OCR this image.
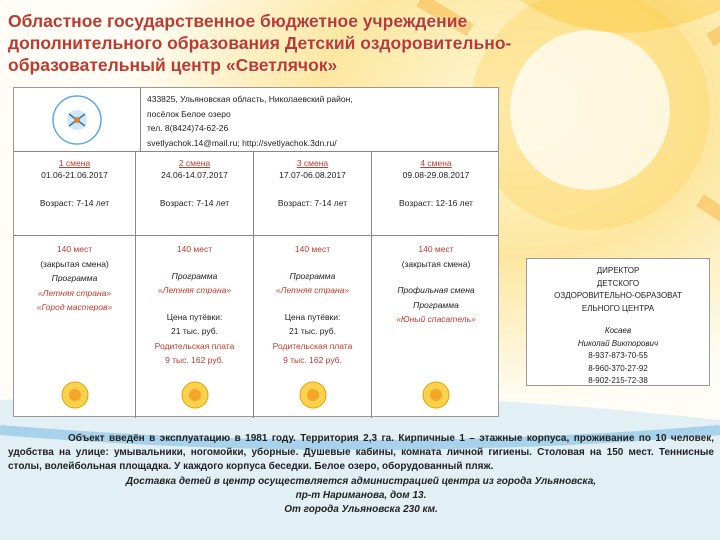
Областное государственное бюджетное учреждение дополнительного образования Детский оздоровительно-образовательный центр «Светлячок»
433825, Ульяновская область, Николаевский район,
посёлок Белое озеро
тел. 8(8424)74-62-26
svetlyachok.14@mail.ru; http://svetlyachok.3dn.ru/
1 смена
01.06-21.06.2017
Возраст: 7-14 лет
2 смена
24.06-14.07.2017
Возраст: 7-14 лет
3 смена
17.07-06.08.2017
Возраст: 7-14 лет
4 смена
09.08-29.08.2017
Возраст: 12-16 лет
140 мест
(закрытая смена)
Программа
«Летняя страна»
«Город мастеров»
140 мест
Программа
«Летняя страна»
Цена путёвки:
21 тыс. руб.
Родительская плата
9 тыс. 162 руб.
140 мест
Программа
«Летняя страна»
Цена путёвки:
21 тыс. руб.
Родительская плата
9 тыс. 162 руб.
140 мест
(закрытая смена)
Профильная смена
Программа
«Юный спасатель»
ДИРЕКТОР
ДЕТСКОГО
ОЗДОРОВИТЕЛЬНО-ОБРАЗОВАТ
ЕЛЬНОГО ЦЕНТРА
Косаев
Николай Викторович
8-937-873-70-55
8-960-370-27-92
8-902-215-72-38

Объект введён в эксплуатацию в 1981 году. Территория 2,3 га. Кирпичные 1 – этажные корпуса, проживание по 10 человек, удобства на улице: умывальники, ногомойки, уборные. Душевые кабины, комната личной гигиены. Столовая на 150 мест. Теннисные столы, волейбольная площадка. У каждого корпуса беседки. Белое озеро, оборудованный пляж.

Доставка детей в центр осуществляется администрацией центра из города Ульяновска,

пр-т Нариманова, дом 13.

От города Ульяновска 230 км.
